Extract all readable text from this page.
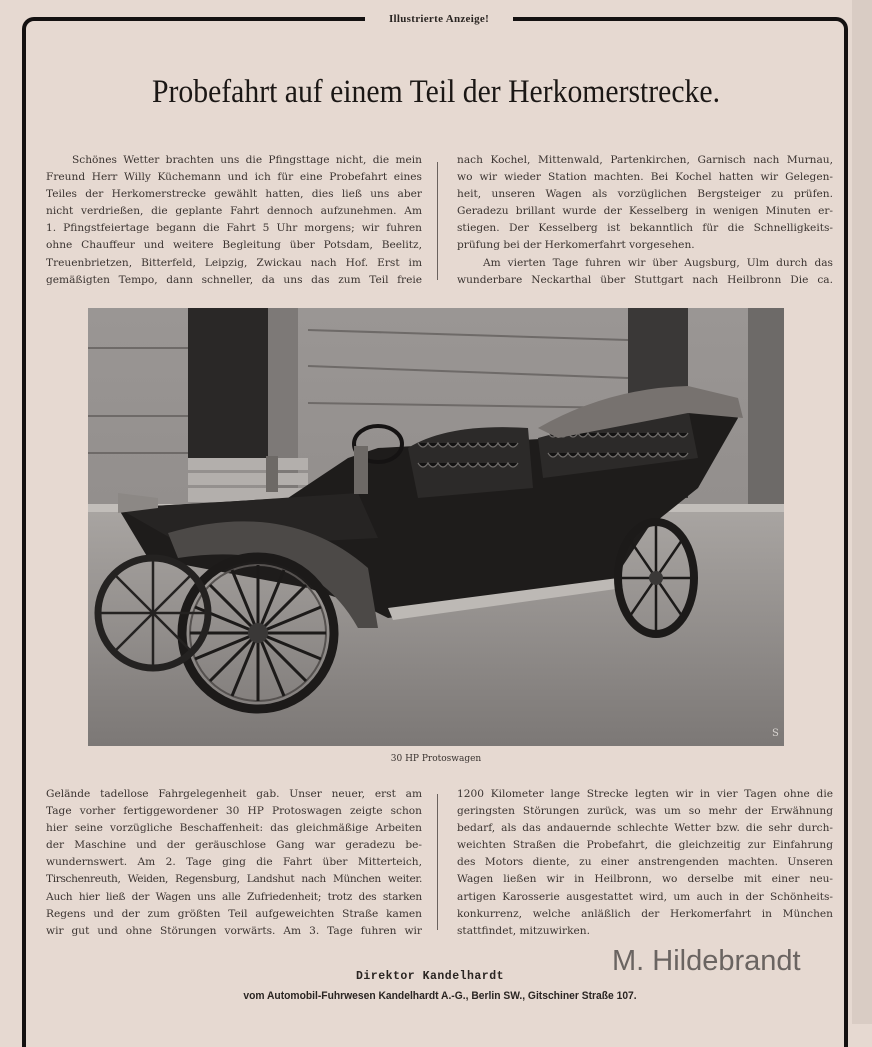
Illustrierte Anzeige!
Probefahrt auf einem Teil der Herkomerstrecke.
Schönes Wetter brachten uns die Pfingsttage nicht, die mein
Freund Herr Willy Küchemann und ich für eine Probefahrt eines
Teiles der Herkomerstrecke gewählt hatten, dies ließ uns aber
nicht verdrießen, die geplante Fahrt dennoch aufzunehmen. Am
1. Pfingstfeiertage begann die Fahrt 5 Uhr morgens; wir fuhren
ohne Chauffeur und weitere Begleitung über Potsdam, Beelitz,
Treuenbrietzen, Bitterfeld, Leipzig, Zwickau nach Hof. Erst im
gemäßigten Tempo, dann schneller, da uns das zum Teil freie
nach Kochel, Mittenwald, Partenkirchen, Garnisch nach Murnau,
wo wir wieder Station machten. Bei Kochel hatten wir Gelegen-
heit, unseren Wagen als vorzüglichen Bergsteiger zu prüfen.
Geradezu brillant wurde der Kesselberg in wenigen Minuten er-
stiegen. Der Kesselberg ist bekanntlich für die Schnelligkeits-
prüfung bei der Herkomerfahrt vorgesehen.
Am vierten Tage fuhren wir über Augsburg, Ulm durch das
wunderbare Neckarthal über Stuttgart nach Heilbronn Die ca.
S
30 HP Protoswagen
Gelände tadellose Fahrgelegenheit gab. Unser neuer, erst am
Tage vorher fertiggewordener 30 HP Protoswagen zeigte schon
hier seine vorzügliche Beschaffenheit: das gleichmäßige Arbeiten
der Maschine und der geräuschlose Gang war geradezu be-
wundernswert. Am 2. Tage ging die Fahrt über Mitterteich,
Tirschenreuth, Weiden, Regensburg, Landshut nach München weiter.
Auch hier ließ der Wagen uns alle Zufriedenheit; trotz des starken
Regens und der zum größten Teil aufgeweichten Straße kamen
wir gut und ohne Störungen vorwärts. Am 3. Tage fuhren wir
1200 Kilometer lange Strecke legten wir in vier Tagen ohne die
geringsten Störungen zurück, was um so mehr der Erwähnung
bedarf, als das andauernde schlechte Wetter bzw. die sehr durch-
weichten Straßen die Probefahrt, die gleichzeitig zur Einfahrung
des Motors diente, zu einer anstrengenden machten. Unseren
Wagen ließen wir in Heilbronn, wo derselbe mit einer neu-
artigen Karosserie ausgestattet wird, um auch in der Schönheits-
konkurrenz, welche anläßlich der Herkomerfahrt in München
stattfindet, mitzuwirken.
M. Hildebrandt
Direktor Kandelhardt
vom Automobil-Fuhrwesen Kandelhardt A.-G., Berlin SW., Gitschiner Straße 107.
